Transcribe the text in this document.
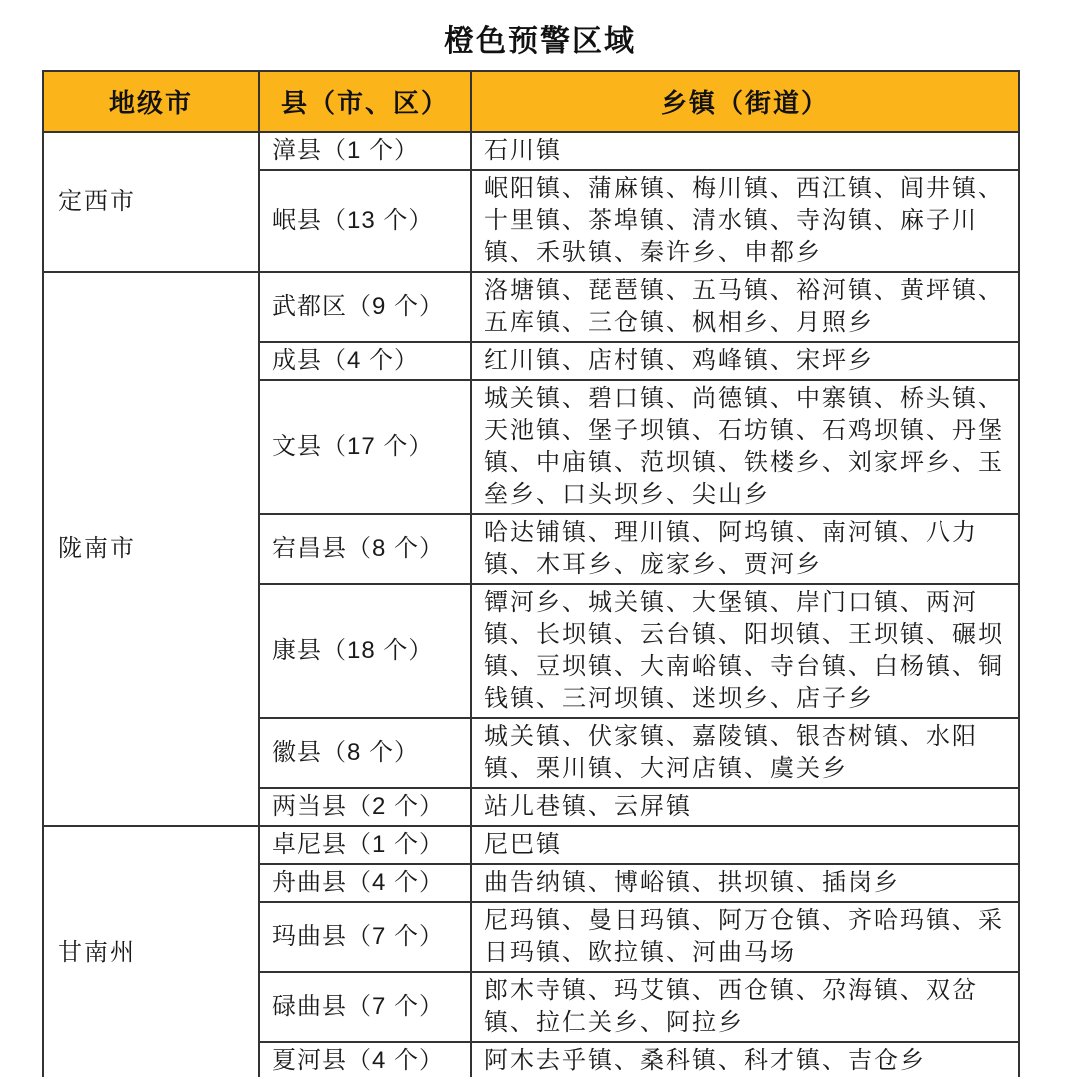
橙色预警区域
地级市	县（市、区）	乡镇（街道）
定西市	漳县（1 个）	石川镇
	岷县（13 个）	岷阳镇、蒲麻镇、梅川镇、西江镇、闾井镇、十里镇、茶埠镇、清水镇、寺沟镇、麻子川镇、禾驮镇、秦许乡、申都乡
陇南市	武都区（9 个）	洛塘镇、琵琶镇、五马镇、裕河镇、黄坪镇、五库镇、三仓镇、枫相乡、月照乡
	成县（4 个）	红川镇、店村镇、鸡峰镇、宋坪乡
	文县（17 个）	城关镇、碧口镇、尚德镇、中寨镇、桥头镇、天池镇、堡子坝镇、石坊镇、石鸡坝镇、丹堡镇、中庙镇、范坝镇、铁楼乡、刘家坪乡、玉垒乡、口头坝乡、尖山乡
	宕昌县（8 个）	哈达铺镇、理川镇、阿坞镇、南河镇、八力镇、木耳乡、庞家乡、贾河乡
	康县（18 个）	镡河乡、城关镇、大堡镇、岸门口镇、两河镇、长坝镇、云台镇、阳坝镇、王坝镇、碾坝镇、豆坝镇、大南峪镇、寺台镇、白杨镇、铜钱镇、三河坝镇、迷坝乡、店子乡
	徽县（8 个）	城关镇、伏家镇、嘉陵镇、银杏树镇、水阳镇、栗川镇、大河店镇、虞关乡
	两当县（2 个）	站儿巷镇、云屏镇
甘南州	卓尼县（1 个）	尼巴镇
	舟曲县（4 个）	曲告纳镇、博峪镇、拱坝镇、插岗乡
	玛曲县（7 个）	尼玛镇、曼日玛镇、阿万仓镇、齐哈玛镇、采日玛镇、欧拉镇、河曲马场
	碌曲县（7 个）	郎木寺镇、玛艾镇、西仓镇、尕海镇、双岔镇、拉仁关乡、阿拉乡
	夏河县（4 个）	阿木去乎镇、桑科镇、科才镇、吉仓乡
